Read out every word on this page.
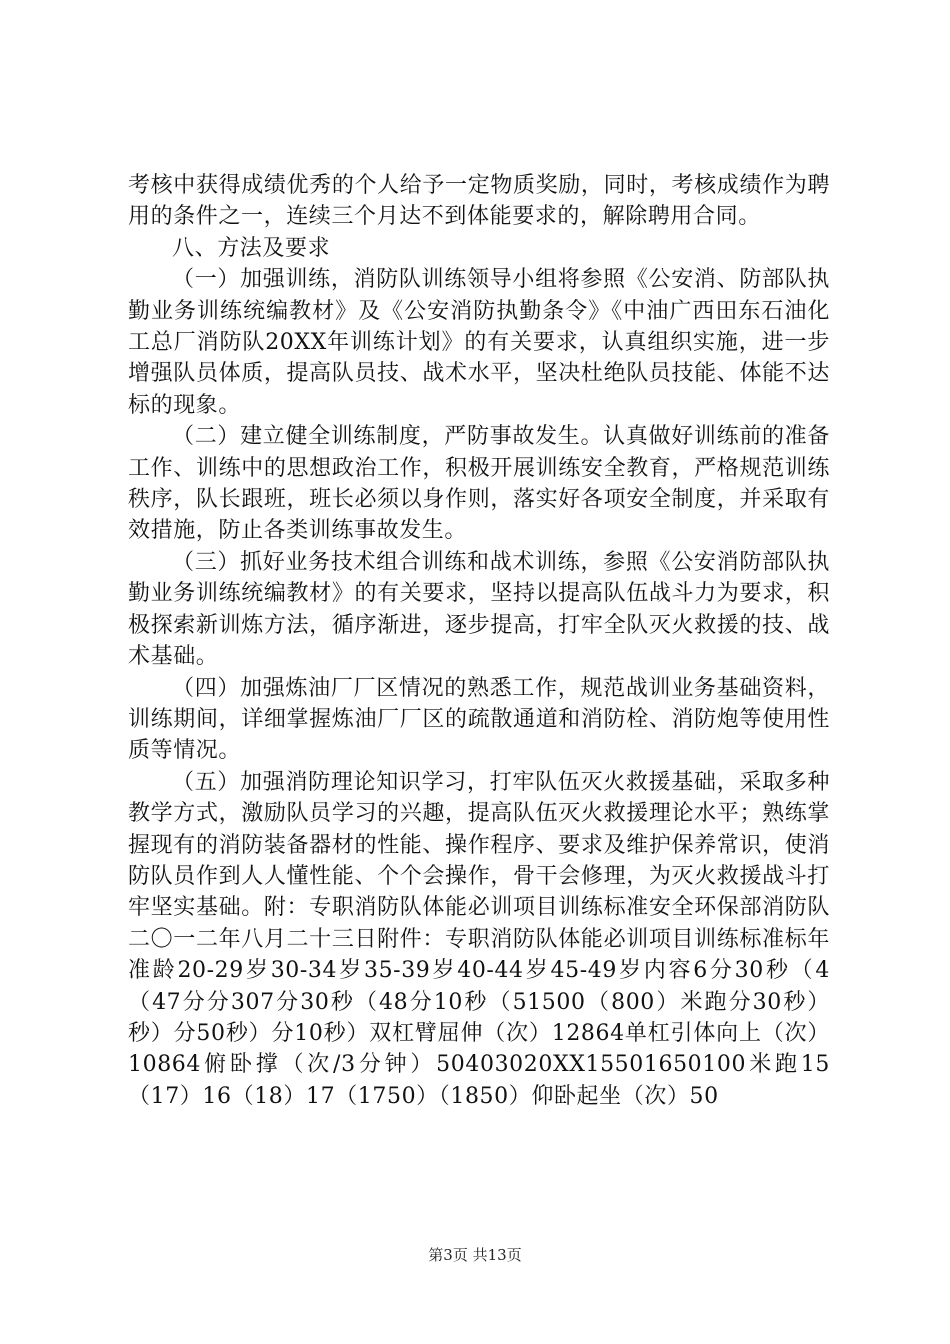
考核中获得成绩优秀的个人给予一定物质奖励，同时，考核成绩作为聘用的条件之一，连续三个月达不到体能要求的，解除聘用合同。

八、方法及要求

（一）加强训练，消防队训练领导小组将参照《公安消、防部队执勤业务训练统编教材》及《公安消防执勤条令》《中油广西田东石油化工总厂消防队20XX年训练计划》的有关要求，认真组织实施，进一步增强队员体质，提高队员技、战术水平，坚决杜绝队员技能、体能不达标的现象。

（二）建立健全训练制度，严防事故发生。认真做好训练前的准备工作、训练中的思想政治工作，积极开展训练安全教育，严格规范训练秩序，队长跟班，班长必须以身作则，落实好各项安全制度，并采取有效措施，防止各类训练事故发生。

（三）抓好业务技术组合训练和战术训练，参照《公安消防部队执勤业务训练统编教材》的有关要求，坚持以提高队伍战斗力为要求，积极探索新训炼方法，循序渐进，逐步提高，打牢全队灭火救援的技、战术基础。

（四）加强炼油厂厂区情况的熟悉工作，规范战训业务基础资料，训练期间，详细掌握炼油厂厂区的疏散通道和消防栓、消防炮等使用性质等情况。

（五）加强消防理论知识学习，打牢队伍灭火救援基础，采取多种教学方式，激励队员学习的兴趣，提高队伍灭火救援理论水平；熟练掌握现有的消防装备器材的性能、操作程序、要求及维护保养常识，使消防队员作到人人懂性能、个个会操作，骨干会修理，为灭火救援战斗打牢坚实基础。附：专职消防队体能必训项目训练标准安全环保部消防队二〇一二年八月二十三日附件：专职消防队体能必训项目训练标准标年准龄20-29岁30-34岁35-39岁40-44岁45-49岁内容6分30秒（4（47分分307分30秒（48分10秒（51500（800）米跑分30秒）秒）分50秒）分10秒）双杠臂屈伸（次）12864单杠引体向上（次）10864俯卧撑（次/3分钟）50403020XX15501650100米跑15（17）16（18）17（1750）（1850）仰卧起坐（次）50

第3页 共13页
